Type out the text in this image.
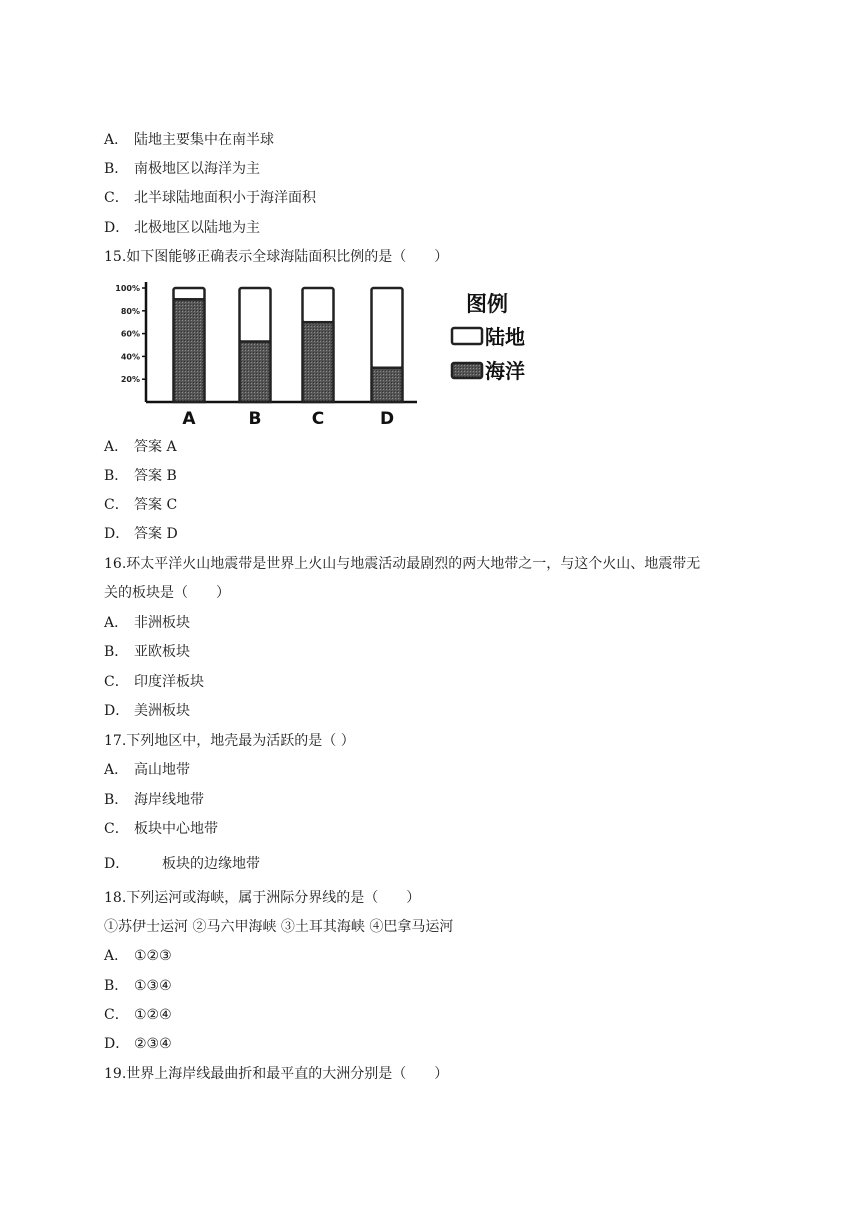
A． 陆地主要集中在南半球
B． 南极地区以海洋为主
C． 北半球陆地面积小于海洋面积
D． 北极地区以陆地为主
15.如下图能够正确表示全球海陆面积比例的是（　　）
20%
40%
60%
80%
100%
A	B	C	D
图例
陆地
海洋
A． 答案 A
B． 答案 B
C． 答案 C
D． 答案 D
16.环太平洋火山地震带是世界上火山与地震活动最剧烈的两大地带之一，与这个火山、地震带无
关的板块是（　　）
A． 非洲板块
B． 亚欧板块
C． 印度洋板块
D． 美洲板块
17.下列地区中，地壳最为活跃的是（ ）
A． 高山地带
B． 海岸线地带
C． 板块中心地带
D． 板块的边缘地带
18.下列运河或海峡，属于洲际分界线的是（　　）
①苏伊士运河 ②马六甲海峡 ③土耳其海峡 ④巴拿马运河
A． ①②③
B． ①③④
C． ①②④
D． ②③④
19.世界上海岸线最曲折和最平直的大洲分别是（　　）
